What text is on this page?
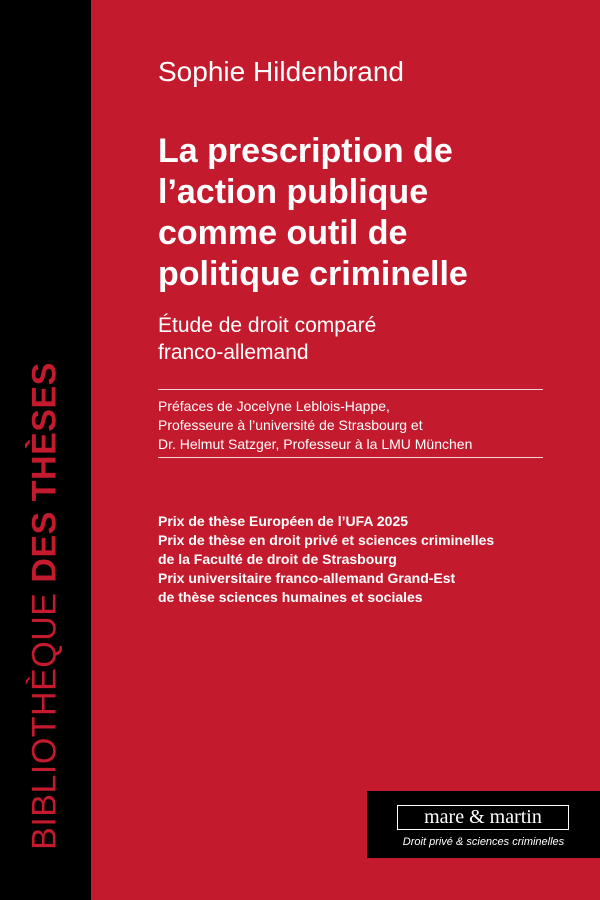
BIBLIOTHÈQUE DES THÈSES

Sophie Hildenbrand

La prescription de
l’action publique
comme outil de
politique criminelle
Étude de droit comparé
franco-allemand
Préfaces de Jocelyne Leblois-Happe,
Professeure à l’université de Strasbourg et
Dr. Helmut Satzger, Professeur à la LMU München
Prix de thèse Européen de l’UFA 2025
Prix de thèse en droit privé et sciences criminelles
de la Faculté de droit de Strasbourg
Prix universitaire franco-allemand Grand-Est
de thèse sciences humaines et sociales
mare & martin
Droit privé & sciences criminelles
